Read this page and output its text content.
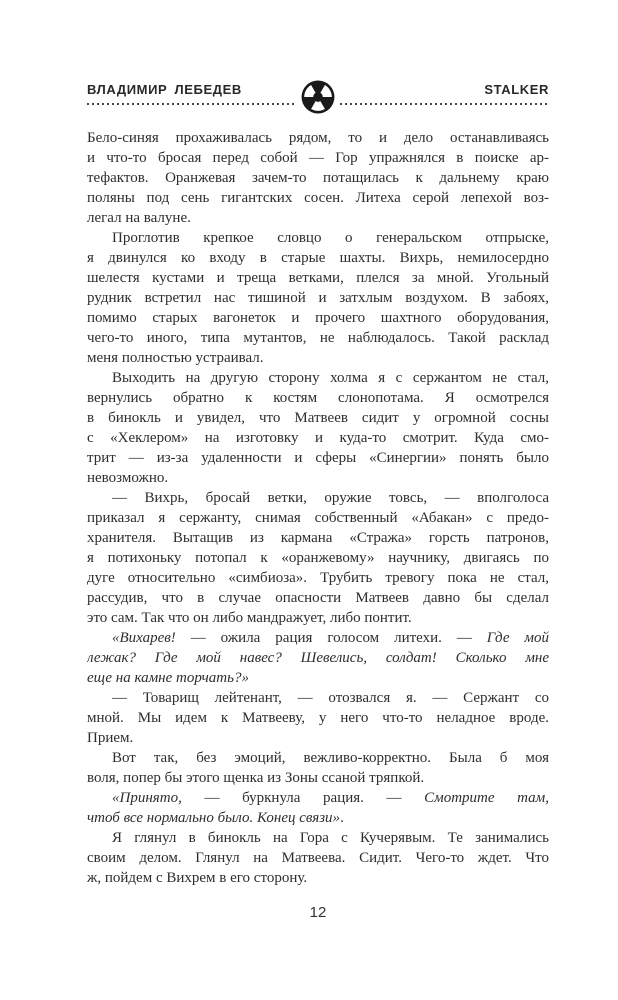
ВЛАДИМИР ЛЕБЕДЕВ	STALKER
Бело-синяя прохаживалась рядом, то и дело останавливаясь
и что-то бросая перед собой — Гор упражнялся в поиске ар-
тефактов. Оранжевая зачем-то потащилась к дальнему краю
поляны под сень гигантских сосен. Литеха серой лепехой воз-
легал на валуне.
Проглотив крепкое словцо о генеральском отпрыске,
я двинулся ко входу в старые шахты. Вихрь, немилосердно
шелестя кустами и треща ветками, плелся за мной. Угольный
рудник встретил нас тишиной и затхлым воздухом. В забоях,
помимо старых вагонеток и прочего шахтного оборудования,
чего-то иного, типа мутантов, не наблюдалось. Такой расклад
меня полностью устраивал.
Выходить на другую сторону холма я с сержантом не стал,
вернулись обратно к костям слонопотама. Я осмотрелся
в бинокль и увидел, что Матвеев сидит у огромной сосны
с «Хеклером» на изготовку и куда-то смотрит. Куда смо-
трит — из-за удаленности и сферы «Синергии» понять было
невозможно.
— Вихрь, бросай ветки, оружие товсь, — вполголоса
приказал я сержанту, снимая собственный «Абакан» с предо-
хранителя. Вытащив из кармана «Стража» горсть патронов,
я потихоньку потопал к «оранжевому» научнику, двигаясь по
дуге относительно «симбиоза». Трубить тревогу пока не стал,
рассудив, что в случае опасности Матвеев давно бы сделал
это сам. Так что он либо мандражует, либо понтит.
«Вихарев! — ожила рация голосом литехи. — Где мой
лежак? Где мой навес? Шевелись, солдат! Сколько мне
еще на камне торчать?»
— Товарищ лейтенант, — отозвался я. — Сержант со
мной. Мы идем к Матвееву, у него что-то неладное вроде.
Прием.
Вот так, без эмоций, вежливо-корректно. Была б моя
воля, попер бы этого щенка из Зоны ссаной тряпкой.
«Принято, — буркнула рация. — Смотрите там,
чтоб все нормально было. Конец связи».
Я глянул в бинокль на Гора с Кучерявым. Те занимались
своим делом. Глянул на Матвеева. Сидит. Чего-то ждет. Что
ж, пойдем с Вихрем в его сторону.
12
